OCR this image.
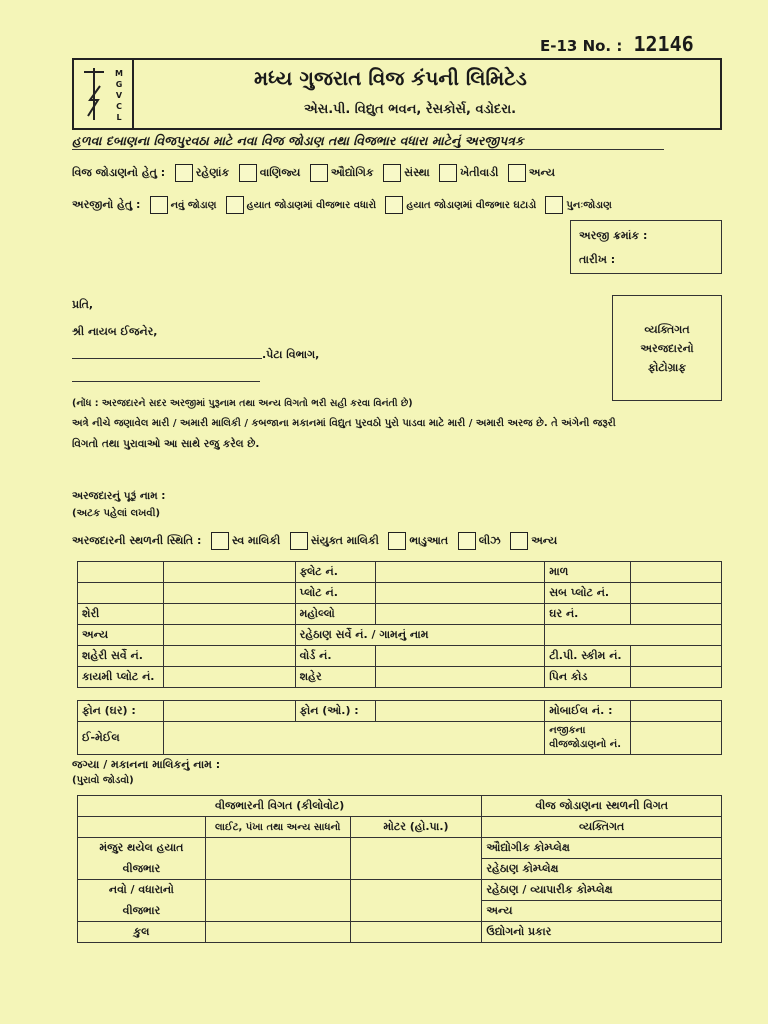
E-13 No. : 12146
MGVCL
મધ્ય ગુજરાત વિજ કંપની લિમિટેડ
એસ.પી. વિદ્યુત ભવન, રેસકોર્સ, વડોદરા.
હળવા દબાણના વિજપુરવઠા માટે નવા વિજ જોડાણ તથા વિજભાર વધારા માટેનું અરજીપત્રક
વિજ જોડાણનો હેતુ :	રહેણાંક	વાણિજ્ય	ઔદ્યોગિક	સંસ્થા	ખેતીવાડી	અન્ય
અરજીનો હેતુ :	નવું જોડાણ	હયાત જોડાણમાં વીજભાર વધારો	હયાત જોડાણમાં વીજભાર ઘટાડો	પુનઃજોડાણ
અરજી ક્રમાંક :
તારીખ :
પ્રતિ,
શ્રી નાયબ ઈજનેર,
.પેટા વિભાગ,
વ્યક્તિગત અરજદારનો ફોટોગ્રાફ
(નોંધ : અરજદારને સદર અરજીમાં પુરૂનામ તથા અન્ય વિગતો ભરી સહી કરવા વિનંતી છે)
અત્રે નીચે જણાવેલ મારી / અમારી માલિકી / કબજાના મકાનમાં વિદ્યુત પુરવઠો પુરો પાડવા માટે મારી / અમારી અરજ છે. તે અંગેની જરૂરી
વિગતો તથા પુરાવાઓ આ સાથે રજુ કરેલ છે.
અરજદારનું પૂરૂં નામ :
(અટક પહેલાં લખવી)
અરજદારની સ્થળની સ્થિતિ :	સ્વ માલિકી	સંયુક્ત માલિકી	ભાડુઆત	લીઝ	અન્ય
		ફ્લેટ નં.		માળ	
		પ્લોટ નં.		સબ પ્લોટ નં.	
શેરી		મહોલ્લો		ઘર નં.	
અન્ય		રહેઠાણ સર્વે નં. / ગામનું નામ			
શહેરી સર્વે નં.		વોર્ડ નં.		ટી.પી. સ્કીમ નં.	
કાયમી પ્લોટ નં.		શહેર		પિન કોડ	
ફોન (ઘર) :		ફોન (ઓ.) :		મોબાઈલ નં. :	
ઈ-મેઈલ				નજીકના વીજજોડાણનો નં.	
જગ્યા / મકાનના માલિકનું નામ :
(પુરાવો જોડવો)
વીજભારની વિગત (કીલોવોટ)			વીજ જોડાણના સ્થળની વિગત
	લાઈટ, પંખા તથા અન્ય સાધનો	મોટર (હો.પા.)	વ્યક્તિગત
મંજુર થયેલ હયાત			ઔદ્યોગીક કોમ્પ્લેક્ષ
વીજભાર			રહેઠાણ કોમ્પ્લેક્ષ
નવો / વધારાનો			રહેઠાણ / વ્યાપારીક કોમ્પ્લેક્ષ
વીજભાર			અન્ય
કુલ			ઉદ્યોગનો પ્રકાર
